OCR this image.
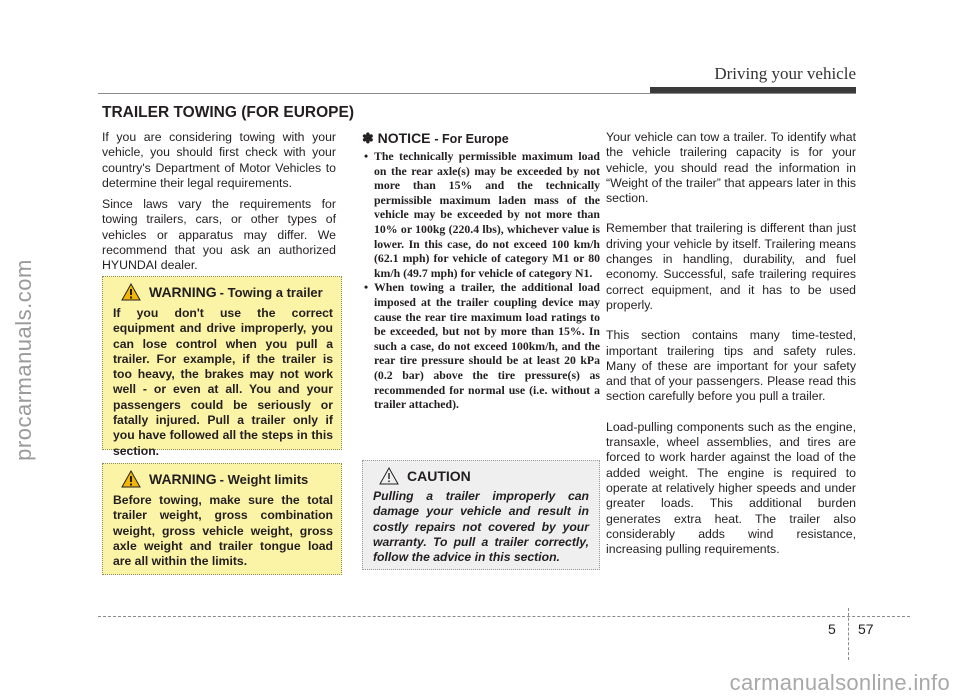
procarmanuals.com
carmanualsonline.info
Driving your vehicle
TRAILER TOWING (FOR EUROPE)

If you are considering towing with your vehicle, you should first check with your country's Department of Motor Vehicles to determine their legal requirements.

Since laws vary the requirements for towing trailers, cars, or other types of vehicles or apparatus may differ. We recommend that you ask an authorized HYUNDAI dealer.

WARNING - Towing a trailer
If you don't use the correct equipment and drive improperly, you can lose control when you pull a trailer. For example, if the trailer is too heavy, the brakes may not work well - or even at all. You and your passengers could be seriously or fatally injured. Pull a trailer only if you have followed all the steps in this section.
WARNING - Weight limits
Before towing, make sure the total trailer weight, gross combination weight, gross vehicle weight, gross axle weight and trailer tongue load are all within the limits.
✽ NOTICE - For Europe
• The technically permissible maximum load on the rear axle(s) may be exceeded by not more than 15% and the technically permissible maximum laden mass of the vehicle may be exceeded by not more than 10% or 100kg (220.4 lbs), whichever value is lower. In this case, do not exceed 100 km/h (62.1 mph) for vehicle of category M1 or 80 km/h (49.7 mph) for vehicle of category N1.
• When towing a trailer, the additional load imposed at the trailer coupling device may cause the rear tire maximum load ratings to be exceeded, but not by more than 15%. In such a case, do not exceed 100km/h, and the rear tire pressure should be at least 20 kPa (0.2 bar) above the tire pressure(s) as recommended for normal use (i.e. without a trailer attached).
CAUTION
Pulling a trailer improperly can damage your vehicle and result in costly repairs not covered by your warranty. To pull a trailer correctly, follow the advice in this section.

Your vehicle can tow a trailer. To identify what the vehicle trailering capacity is for your vehicle, you should read the information in “Weight of the trailer” that appears later in this section.

Remember that trailering is different than just driving your vehicle by itself. Trailering means changes in handling, durability, and fuel economy. Successful, safe trailering requires correct equipment, and it has to be used properly.

This section contains many time-tested, important trailering tips and safety rules. Many of these are important for your safety and that of your passengers. Please read this section carefully before you pull a trailer.

Load-pulling components such as the engine, transaxle, wheel assemblies, and tires are forced to work harder against the load of the added weight. The engine is required to operate at relatively higher speeds and under greater loads. This additional burden generates extra heat. The trailer also considerably adds wind resistance, increasing pulling requirements.

5 57
